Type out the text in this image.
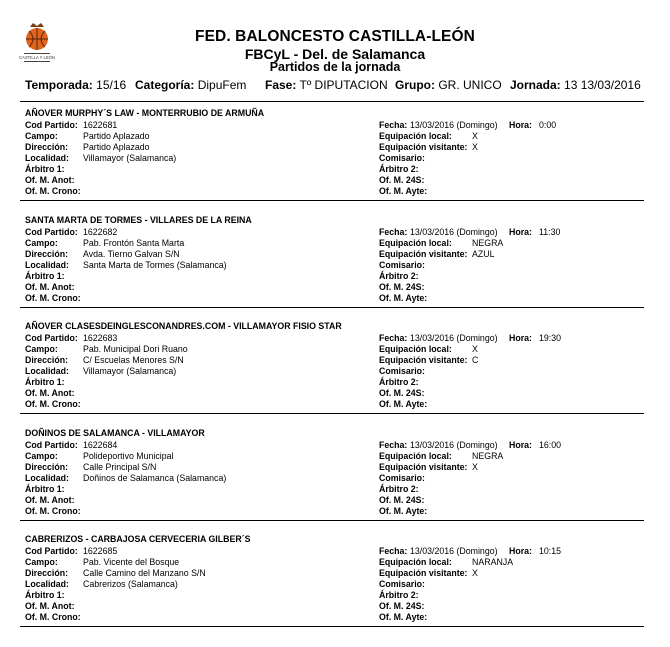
CASTILLA Y LEÓN
FED. BALONCESTO CASTILLA-LEÓN
FBCyL - Del. de Salamanca
Partidos de la jornada
Temporada: 15/16 Categoría: DipuFem Fase: Tº DIPUTACION Grupo: GR. UNICO Jornada: 13 13/03/2016
AÑOVER MURPHY´S LAW - MONTERRUBIO DE ARMUÑA
Cod Partido: 1622681	Fecha: 13/03/2016 (Domingo) Hora: 0:00
Campo:	Partido Aplazado	Equipación local: X
Dirección: Partido Aplazado	Equipación visitante: X
Localidad: Villamayor (Salamanca)	Comisario:
Árbitro 1:	Árbitro 2:
Of. M. Anot:	Of. M. 24S:
Of. M. Crono:	Of. M. Ayte:
SANTA MARTA DE TORMES - VILLARES DE LA REINA
Cod Partido: 1622682	Fecha: 13/03/2016 (Domingo) Hora: 11:30
Campo:	Pab. Frontón Santa Marta	Equipación local: NEGRA
Dirección: Avda. Tierno Galvan S/N	Equipación visitante: AZUL
Localidad: Santa Marta de Tormes (Salamanca)	Comisario:
Árbitro 1:	Árbitro 2:
Of. M. Anot:	Of. M. 24S:
Of. M. Crono:	Of. M. Ayte:
AÑOVER CLASESDEINGLESCONANDRES.COM - VILLAMAYOR FISIO STAR
Cod Partido: 1622683	Fecha: 13/03/2016 (Domingo) Hora: 19:30
Campo:	Pab. Municipal Dori Ruano	Equipación local: X
Dirección: C/ Escuelas Menores S/N	Equipación visitante: C
Localidad: Villamayor (Salamanca)	Comisario:
Árbitro 1:	Árbitro 2:
Of. M. Anot:	Of. M. 24S:
Of. M. Crono:	Of. M. Ayte:
DOÑINOS DE SALAMANCA - VILLAMAYOR
Cod Partido: 1622684	Fecha: 13/03/2016 (Domingo) Hora: 16:00
Campo:	Polideportivo Municipal	Equipación local: NEGRA
Dirección: Calle Principal S/N	Equipación visitante: X
Localidad: Doñinos de Salamanca (Salamanca)	Comisario:
Árbitro 1:	Árbitro 2:
Of. M. Anot:	Of. M. 24S:
Of. M. Crono:	Of. M. Ayte:
CABRERIZOS - CARBAJOSA CERVECERIA GILBER´S
Cod Partido: 1622685	Fecha: 13/03/2016 (Domingo) Hora: 10:15
Campo:	Pab. Vicente del Bosque	Equipación local: NARANJA
Dirección: Calle Camino del Manzano S/N	Equipación visitante: X
Localidad: Cabrerizos (Salamanca)	Comisario:
Árbitro 1:	Árbitro 2:
Of. M. Anot:	Of. M. 24S:
Of. M. Crono:	Of. M. Ayte:
